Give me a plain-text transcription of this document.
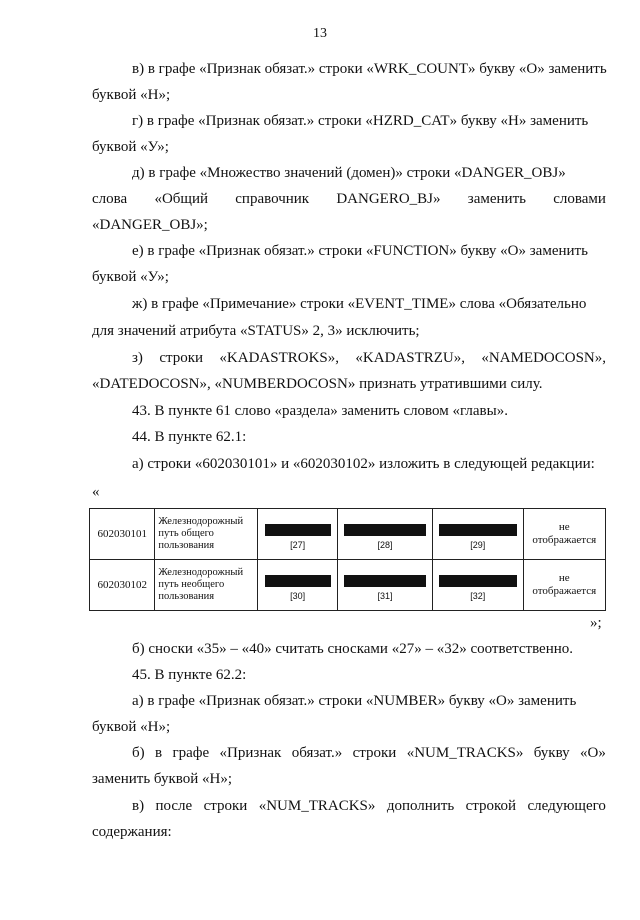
13
в) в графе «Признак обязат.» строки «WRK_COUNT» букву «О» заменить
буквой «Н»;
г) в графе «Признак обязат.» строки «HZRD_CAT» букву «Н» заменить
буквой «У»;
д) в графе «Множество значений (домен)» строки «DANGER_OBJ»
слова «Общий справочник DANGERO_BJ» заменить словами
«DANGER_OBJ»;
е) в графе «Признак обязат.» строки «FUNCTION» букву «О» заменить
буквой «У»;
ж) в графе «Примечание» строки «EVENT_TIME» слова «Обязательно
для значений атрибута «STATUS» 2, 3» исключить;
з) строки «KADASTROKS», «KADASTRZU», «NAMEDOCOSN»,
«DATEDOCOSN», «NUMBERDOCOSN» признать утратившими силу.
43. В пункте 61 слово «раздела» заменить словом «главы».
44. В пункте 62.1:
а) строки «602030101» и «602030102» изложить в следующей редакции:
«
602030101	Железнодорожный путь общего пользования	[27]	[28]	[29]	не отображается
602030102	Железнодорожный путь необщего пользования	[30]	[31]	[32]	не отображается
»;
б) сноски «35» – «40» считать сносками «27» – «32» соответственно.
45. В пункте 62.2:
а) в графе «Признак обязат.» строки «NUMBER» букву «О» заменить
буквой «Н»;
б) в графе «Признак обязат.» строки «NUM_TRACKS» букву «О»
заменить буквой «Н»;
в) после строки «NUM_TRACKS» дополнить строкой следующего
содержания:
